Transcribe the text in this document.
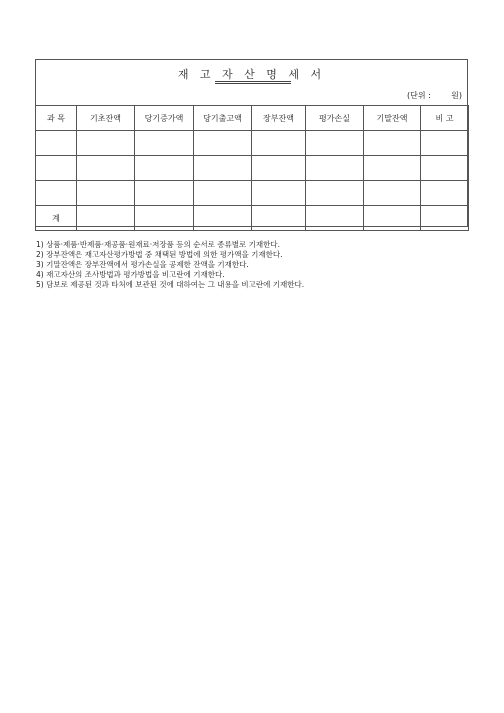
재 고 자 산 명 세 서
(단위 :        원)
과 목	기초잔액	당기증가액	당기출고액	장부잔액	평가손실	기말잔액	비 고

계							
1) 상품·제품·반제품·재공품·원재료·저장품 등의 순서로 종류별로 기재한다.
2) 장부잔액은 재고자산평가방법 중 채택된 방법에 의한 평가액을 기재한다.
3) 기말잔액은 장부잔액에서 평가손실을 공제한 잔액을 기재한다.
4) 재고자산의 조사방법과 평가방법을 비고란에 기재한다.
5) 담보로 제공된 것과 타처에 보관된 것에 대하여는 그 내용을 비고란에 기재한다.
